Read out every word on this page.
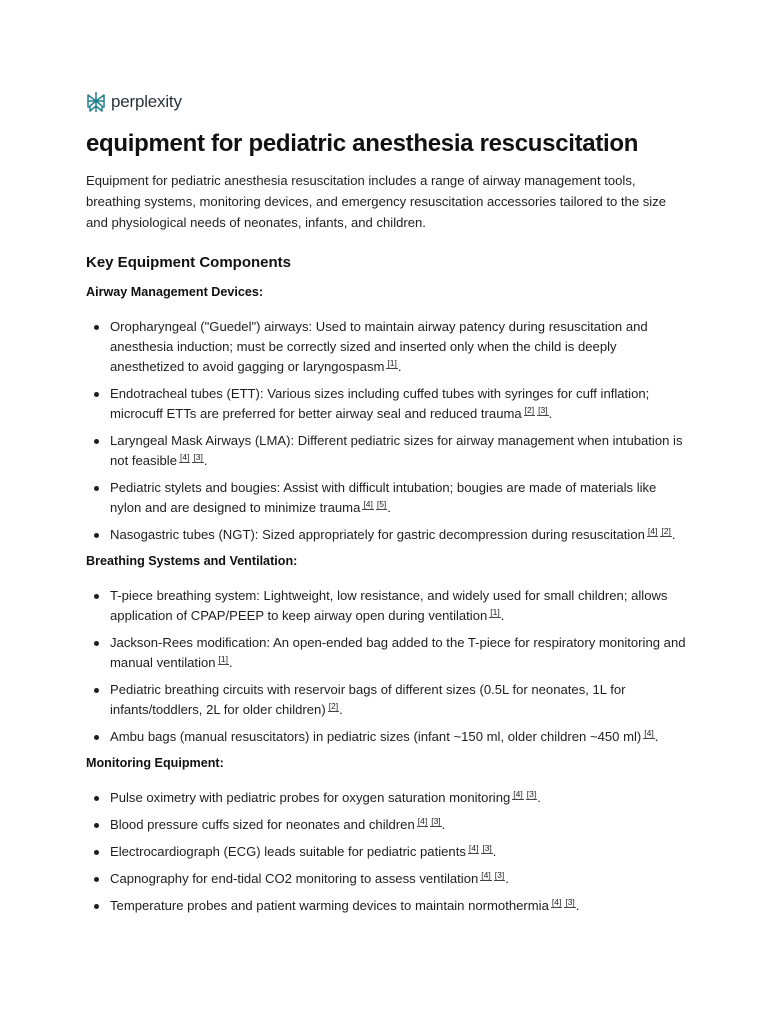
perplexity
equipment for pediatric anesthesia rescuscitation

Equipment for pediatric anesthesia resuscitation includes a range of airway management tools, breathing systems, monitoring devices, and emergency resuscitation accessories tailored to the size and physiological needs of neonates, infants, and children.

Key Equipment Components
Airway Management Devices:
Oropharyngeal ("Guedel") airways: Used to maintain airway patency during resuscitation and anesthesia induction; must be correctly sized and inserted only when the child is deeply anesthetized to avoid gagging or laryngospasm [1].
Endotracheal tubes (ETT): Various sizes including cuffed tubes with syringes for cuff inflation; microcuff ETTs are preferred for better airway seal and reduced trauma [2] [3].
Laryngeal Mask Airways (LMA): Different pediatric sizes for airway management when intubation is not feasible [4] [3].
Pediatric stylets and bougies: Assist with difficult intubation; bougies are made of materials like nylon and are designed to minimize trauma [4] [5].
Nasogastric tubes (NGT): Sized appropriately for gastric decompression during resuscitation [4] [2].
Breathing Systems and Ventilation:
T-piece breathing system: Lightweight, low resistance, and widely used for small children; allows application of CPAP/PEEP to keep airway open during ventilation [1].
Jackson-Rees modification: An open-ended bag added to the T-piece for respiratory monitoring and manual ventilation [1].
Pediatric breathing circuits with reservoir bags of different sizes (0.5L for neonates, 1L for infants/toddlers, 2L for older children) [2].
Ambu bags (manual resuscitators) in pediatric sizes (infant ~150 ml, older children ~450 ml) [4].
Monitoring Equipment:
Pulse oximetry with pediatric probes for oxygen saturation monitoring [4] [3].
Blood pressure cuffs sized for neonates and children [4] [3].
Electrocardiograph (ECG) leads suitable for pediatric patients [4] [3].
Capnography for end-tidal CO2 monitoring to assess ventilation [4] [3].
Temperature probes and patient warming devices to maintain normothermia [4] [3].
